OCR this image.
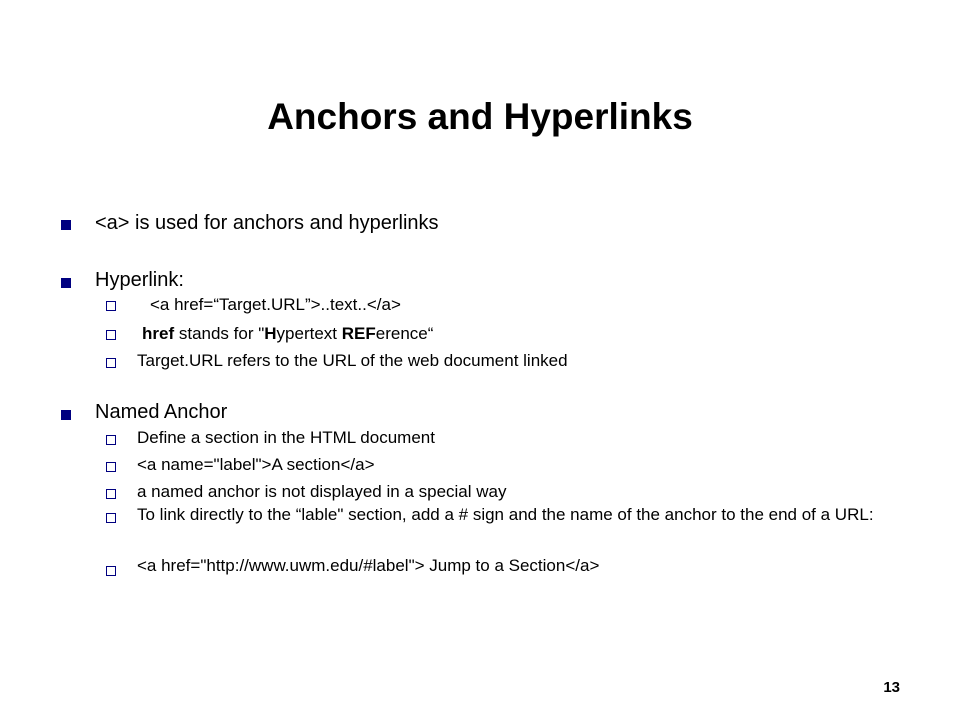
Anchors and Hyperlinks
<a> is used for anchors and hyperlinks
Hyperlink:
<a href=“Target.URL”>..text..</a>
href stands for "Hypertext REFerence“
Target.URL refers to the URL of the web document linked
Named Anchor
Define a section in the HTML document
<a name="label">A section</a>
a named anchor is not displayed in a special way
To link directly to the “lable" section, add a # sign and the name of the anchor to the end of a URL:
<a href="http://www.uwm.edu/#label"> Jump to a Section</a>
13
